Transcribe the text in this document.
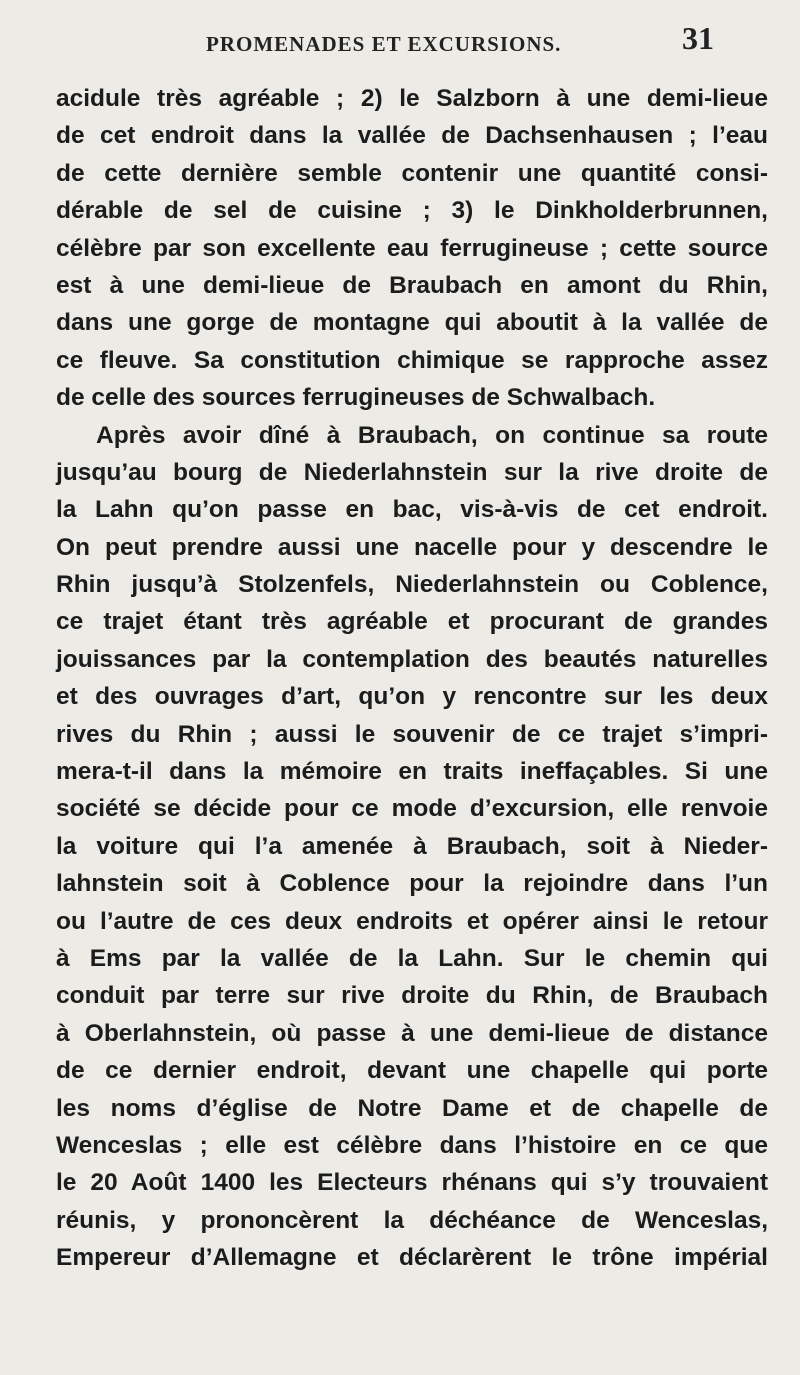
PROMENADES ET EXCURSIONS.	31
acidule très agréable ; 2) le Salzborn à une demi-lieue
de cet endroit dans la vallée de Dachsenhausen ; l’eau
de cette dernière semble contenir une quantité consi-
dérable de sel de cuisine ; 3) le Dinkholderbrunnen,
célèbre par son excellente eau ferrugineuse ; cette source
est à une demi-lieue de Braubach en amont du Rhin,
dans une gorge de montagne qui aboutit à la vallée de
ce fleuve. Sa constitution chimique se rapproche assez
de celle des sources ferrugineuses de Schwalbach.
Après avoir dîné à Braubach, on continue sa route
jusqu’au bourg de Niederlahnstein sur la rive droite de
la Lahn qu’on passe en bac, vis-à-vis de cet endroit.
On peut prendre aussi une nacelle pour y descendre le
Rhin jusqu’à Stolzenfels, Niederlahnstein ou Coblence,
ce trajet étant très agréable et procurant de grandes
jouissances par la contemplation des beautés naturelles
et des ouvrages d’art, qu’on y rencontre sur les deux
rives du Rhin ; aussi le souvenir de ce trajet s’impri-
mera-t-il dans la mémoire en traits ineffaçables. Si une
société se décide pour ce mode d’excursion, elle renvoie
la voiture qui l’a amenée à Braubach, soit à Nieder-
lahnstein soit à Coblence pour la rejoindre dans l’un
ou l’autre de ces deux endroits et opérer ainsi le retour
à Ems par la vallée de la Lahn. Sur le chemin qui
conduit par terre sur rive droite du Rhin, de Braubach
à Oberlahnstein, où passe à une demi-lieue de distance
de ce dernier endroit, devant une chapelle qui porte
les noms d’église de Notre Dame et de chapelle de
Wenceslas ; elle est célèbre dans l’histoire en ce que
le 20 Août 1400 les Electeurs rhénans qui s’y trouvaient
réunis, y prononcèrent la déchéance de Wenceslas,
Empereur d’Allemagne et déclarèrent le trône impérial
